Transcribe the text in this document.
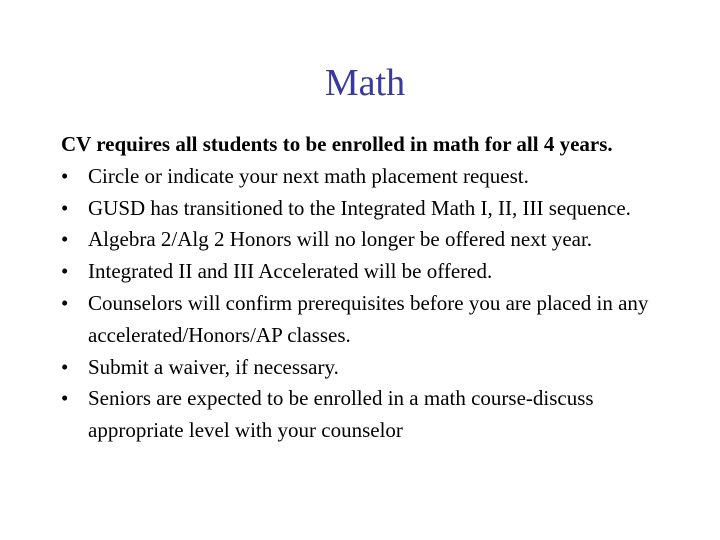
Math
CV requires all students to be enrolled in math for all 4 years.
• Circle or indicate your next math placement request.
• GUSD has transitioned to the Integrated Math I, II, III sequence.
• Algebra 2/Alg 2 Honors will no longer be offered next year.
• Integrated II and III Accelerated will be offered.
• Counselors will confirm prerequisites before you are placed in any accelerated/Honors/AP classes.
• Submit a waiver, if necessary.
• Seniors are expected to be enrolled in a math course-discuss appropriate level with your counselor
